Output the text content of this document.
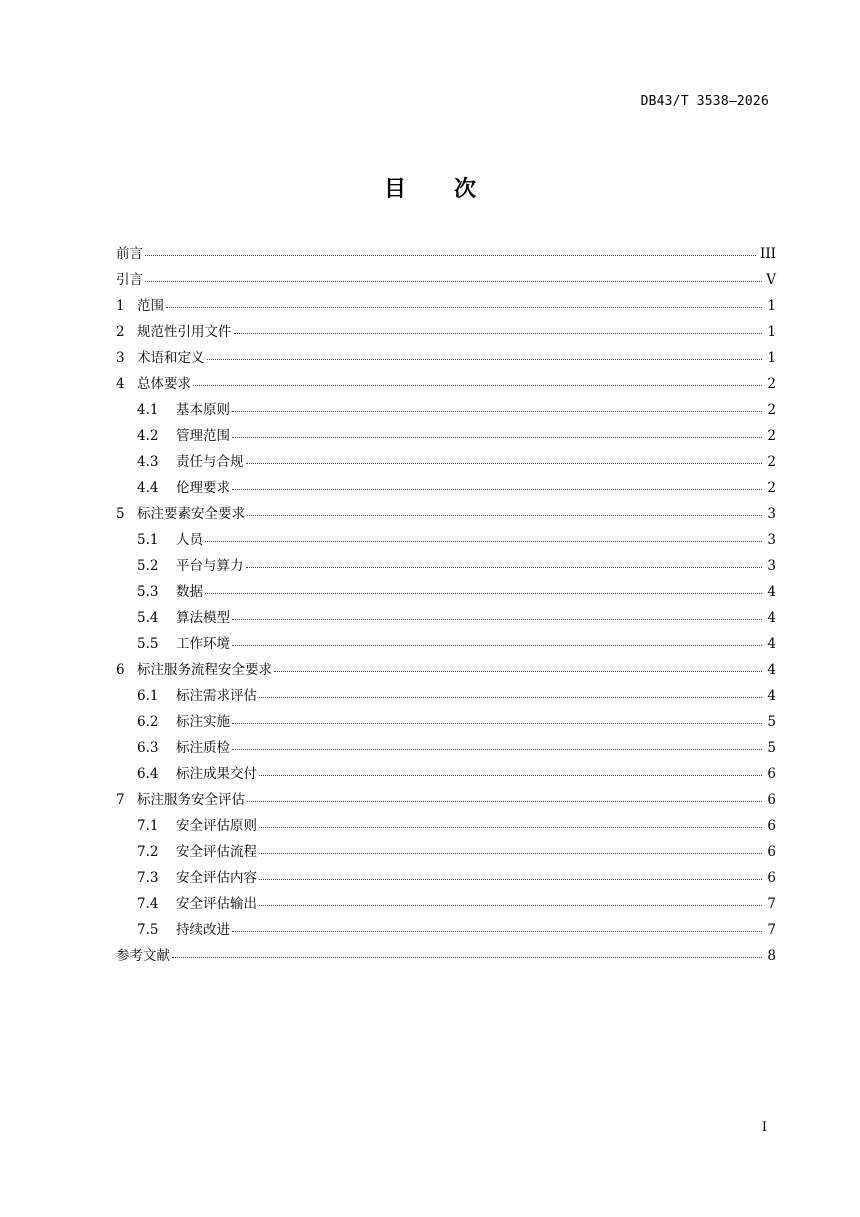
DB43/T 3538—2026
目 次
前言	III
引言	V
1 范围	1
2 规范性引用文件	1
3 术语和定义	1
4 总体要求	2
4.1	基本原则	2
4.2	管理范围	2
4.3	责任与合规	2
4.4	伦理要求	2
5 标注要素安全要求	3
5.1	人员	3
5.2	平台与算力	3
5.3	数据	4
5.4	算法模型	4
5.5	工作环境	4
6 标注服务流程安全要求	4
6.1	标注需求评估	4
6.2	标注实施	5
6.3	标注质检	5
6.4	标注成果交付	6
7 标注服务安全评估	6
7.1	安全评估原则	6
7.2	安全评估流程	6
7.3	安全评估内容	6
7.4	安全评估输出	7
7.5	持续改进	7
参考文献	8
I
